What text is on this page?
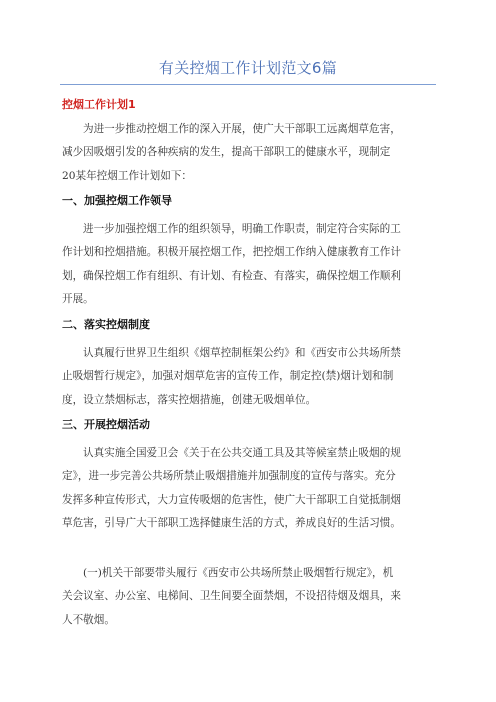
有关控烟工作计划范文6篇
控烟工作计划1
为进一步推动控烟工作的深入开展，使广大干部职工远离烟草危害，
减少因吸烟引发的各种疾病的发生，提高干部职工的健康水平，现制定
20某年控烟工作计划如下：
一、加强控烟工作领导
进一步加强控烟工作的组织领导，明确工作职责，制定符合实际的工
作计划和控烟措施。积极开展控烟工作，把控烟工作纳入健康教育工作计
划，确保控烟工作有组织、有计划、有检查、有落实，确保控烟工作顺利
开展。
二、落实控烟制度
认真履行世界卫生组织《烟草控制框架公约》和《西安市公共场所禁
止吸烟暂行规定》，加强对烟草危害的宣传工作，制定控(禁)烟计划和制
度，设立禁烟标志，落实控烟措施，创建无吸烟单位。
三、开展控烟活动
认真实施全国爱卫会《关于在公共交通工具及其等候室禁止吸烟的规
定》，进一步完善公共场所禁止吸烟措施并加强制度的宣传与落实。充分
发挥多种宣传形式，大力宣传吸烟的危害性，使广大干部职工自觉抵制烟
草危害，引导广大干部职工选择健康生活的方式，养成良好的生活习惯。
(一)机关干部要带头履行《西安市公共场所禁止吸烟暂行规定》，机
关会议室、办公室、电梯间、卫生间要全面禁烟，不设招待烟及烟具，来
人不敬烟。
